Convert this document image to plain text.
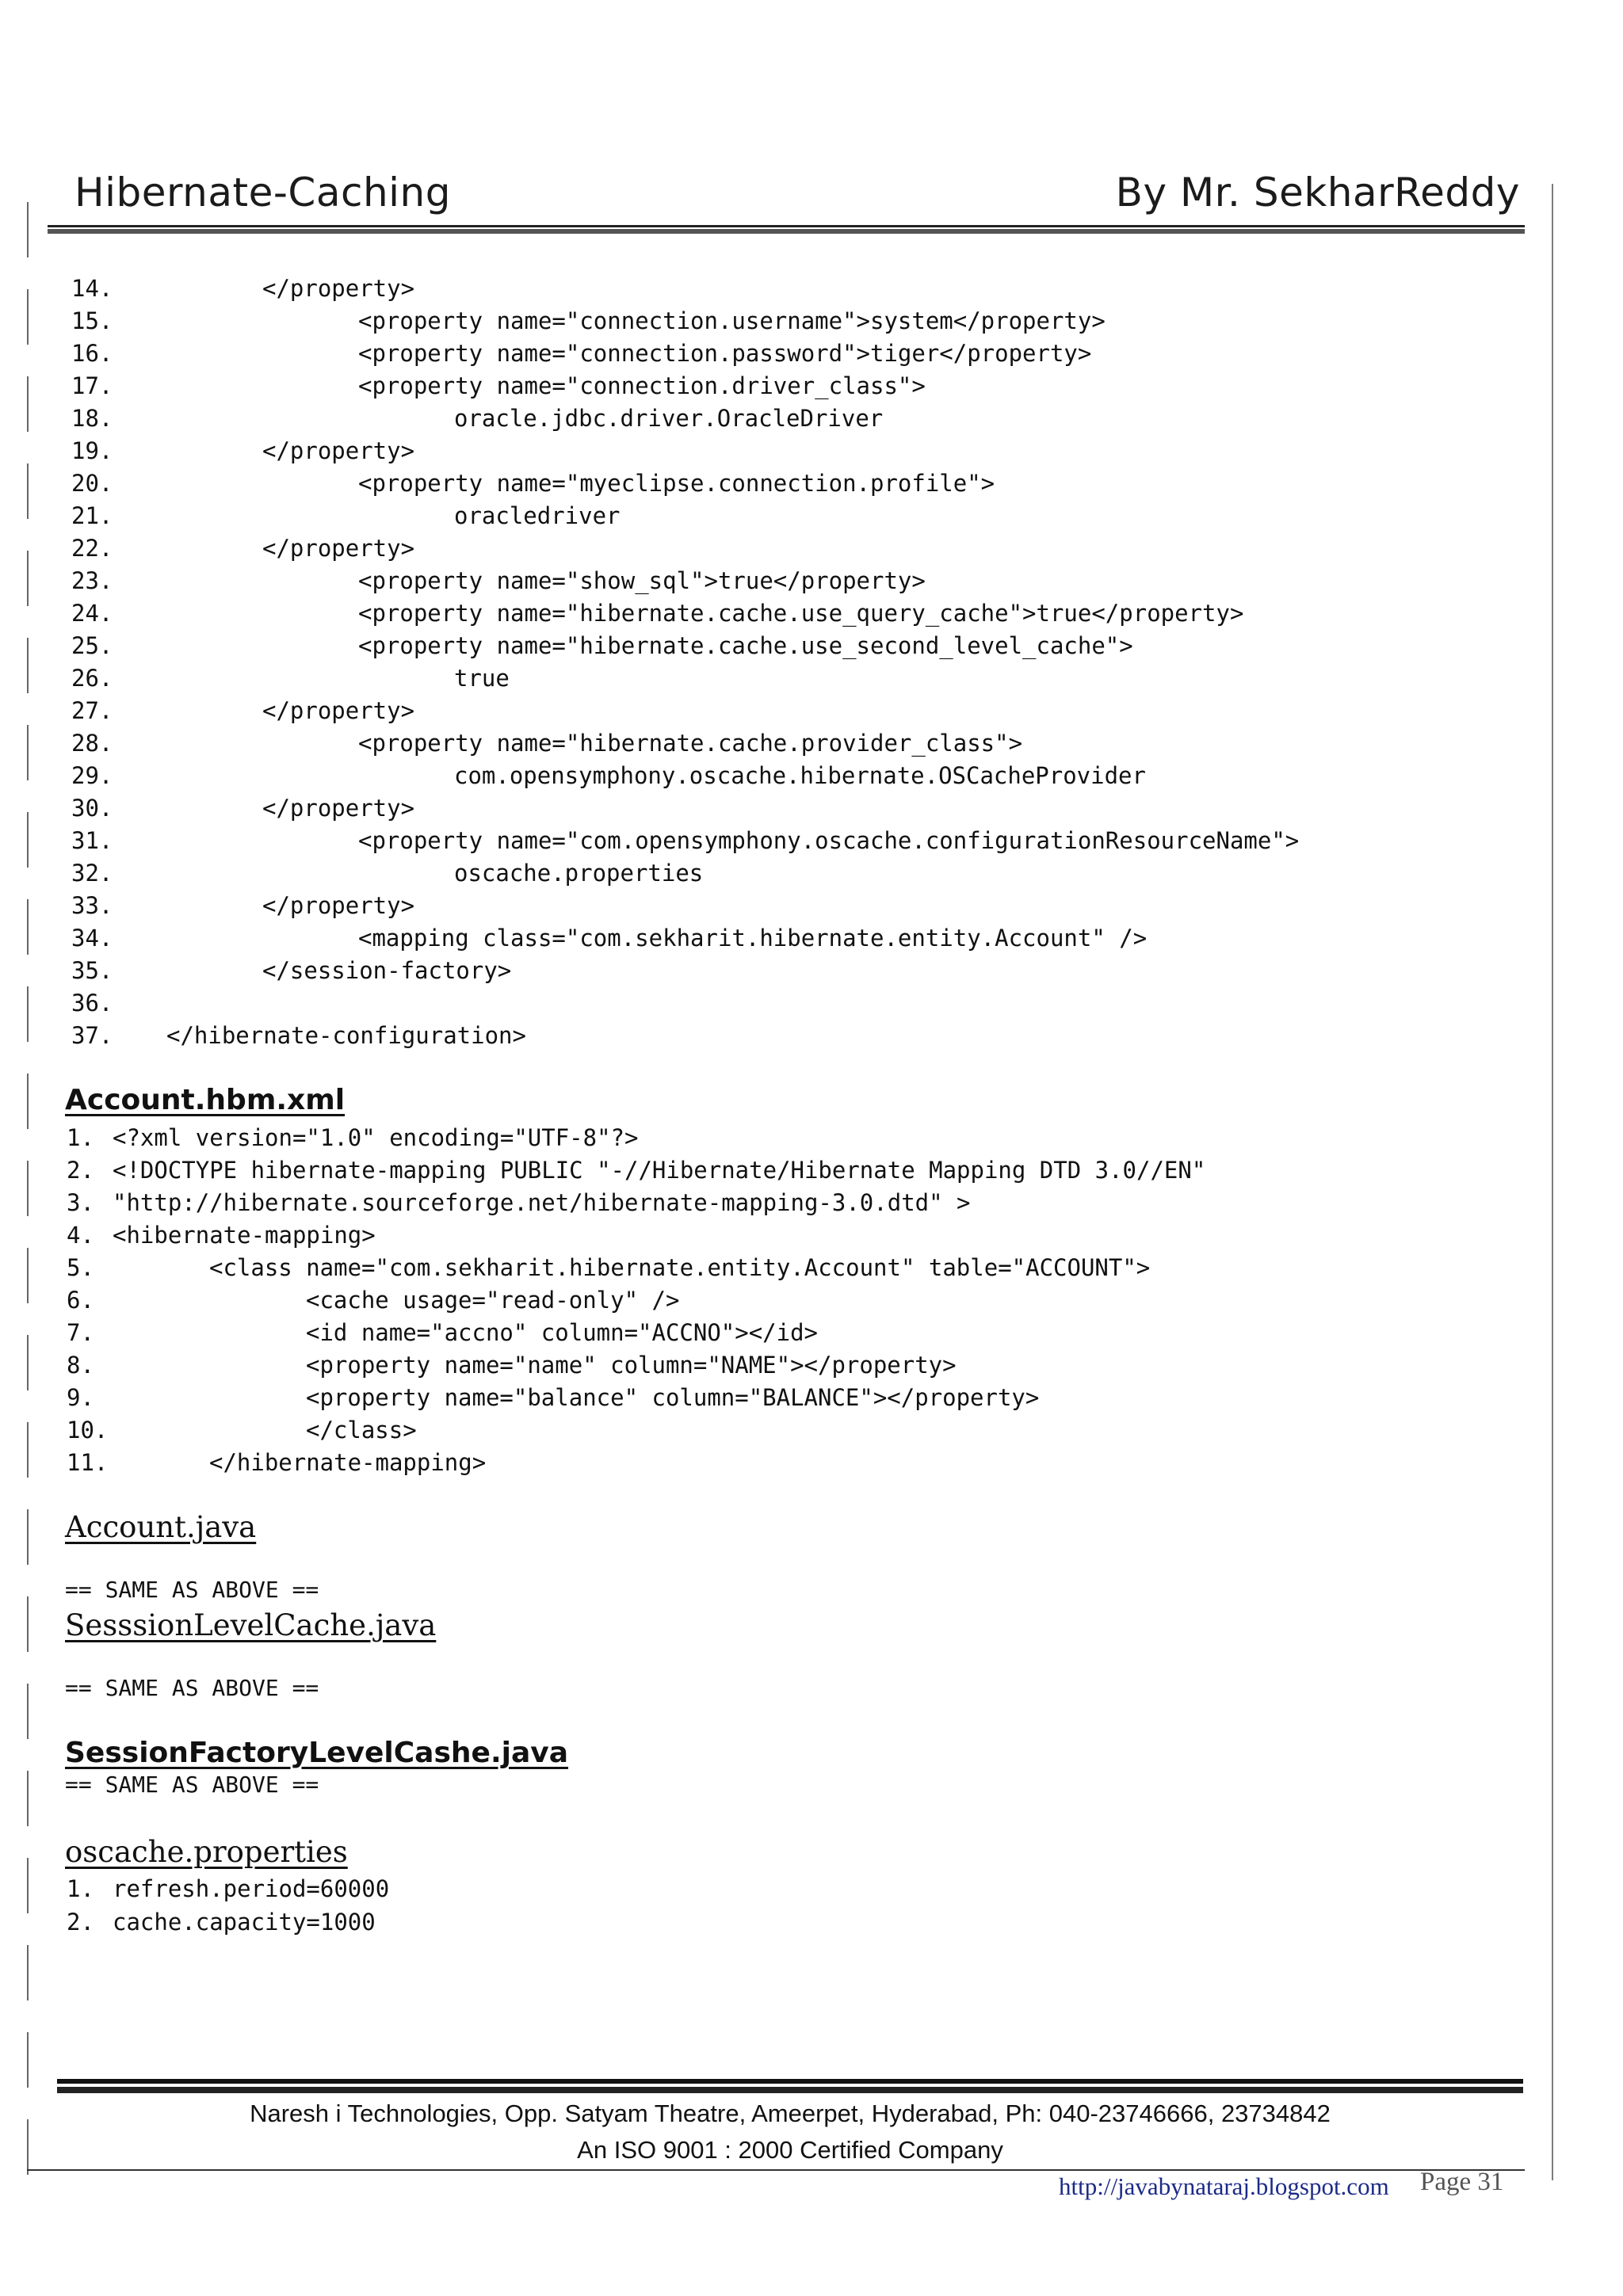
Hibernate-Caching	By Mr. SekharReddy
14.	</property>
15.	<property name="connection.username">system</property>
16.	<property name="connection.password">tiger</property>
17.	<property name="connection.driver_class">
18.	oracle.jdbc.driver.OracleDriver
19.	</property>
20.	<property name="myeclipse.connection.profile">
21.	oracledriver
22.	</property>
23.	<property name="show_sql">true</property>
24.	<property name="hibernate.cache.use_query_cache">true</property>
25.	<property name="hibernate.cache.use_second_level_cache">
26.	true
27.	</property>
28.	<property name="hibernate.cache.provider_class">
29.	com.opensymphony.oscache.hibernate.OSCacheProvider
30.	</property>
31.	<property name="com.opensymphony.oscache.configurationResourceName">
32.	oscache.properties
33.	</property>
34.	<mapping class="com.sekharit.hibernate.entity.Account" />
35.	</session-factory>
36.
37. </hibernate-configuration>
Account.hbm.xml
1. <?xml version="1.0" encoding="UTF-8"?>
2. <!DOCTYPE hibernate-mapping PUBLIC "-//Hibernate/Hibernate Mapping DTD 3.0//EN"
3. "http://hibernate.sourceforge.net/hibernate-mapping-3.0.dtd" >
4. <hibernate-mapping>
5.	<class name="com.sekharit.hibernate.entity.Account" table="ACCOUNT">
6.	<cache usage="read-only" />
7.	<id name="accno" column="ACCNO"></id>
8.	<property name="name" column="NAME"></property>
9.	<property name="balance" column="BALANCE"></property>
10.	</class>
11.	</hibernate-mapping>
Account.java
== SAME AS ABOVE ==
SesssionLevelCache.java
== SAME AS ABOVE ==
SessionFactoryLevelCashe.java
== SAME AS ABOVE ==
oscache.properties
1. refresh.period=60000
2. cache.capacity=1000
Naresh i Technologies, Opp. Satyam Theatre, Ameerpet, Hyderabad, Ph: 040-23746666, 23734842
An ISO 9001 : 2000 Certified Company
http://javabynataraj.blogspot.com Page 31
